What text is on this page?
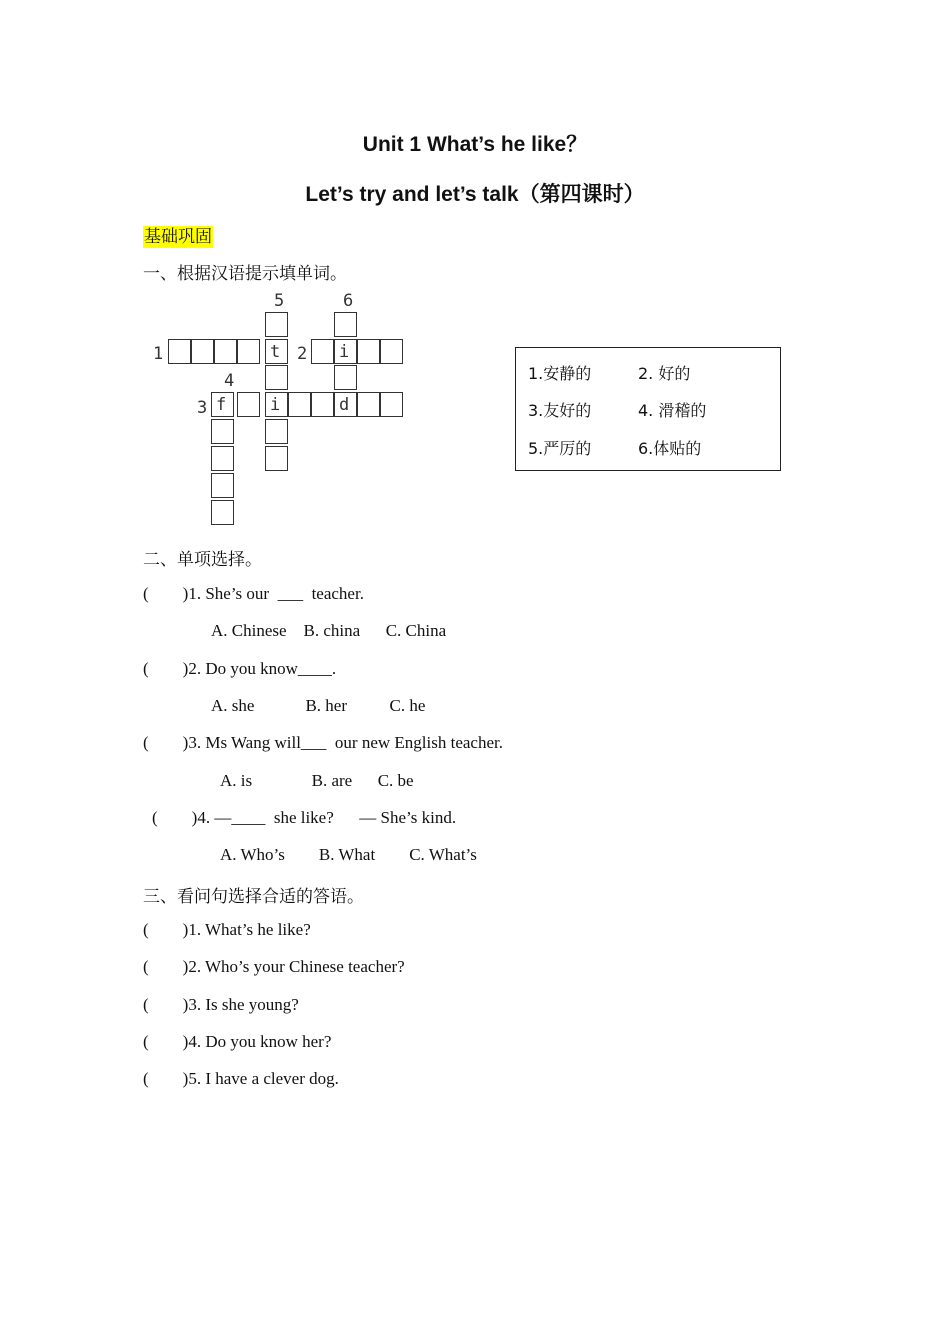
Unit 1 What’s he like？
Let’s try and let’s talk（第四课时）
基础巩固
一、根据汉语提示填单词。
5	6
1	2
4
3
t	i
f	i	d
1.安静的	2. 好的
3.友好的	4. 滑稽的
5.严厉的	6.体贴的
二、单项选择。
(        )1. She’s our  ___  teacher.
A. Chinese    B. china      C. China
(        )2. Do you know____.
A. she            B. her          C. he
(        )3. Ms Wang will___  our new English teacher.
A. is              B. are      C. be
(        )4. —____  she like?      — She’s kind.
A. Who’s        B. What        C. What’s
三、看问句选择合适的答语。
(        )1. What’s he like?
(        )2. Who’s your Chinese teacher?
(        )3. Is she young?
(        )4. Do you know her?
(        )5. I have a clever dog.
